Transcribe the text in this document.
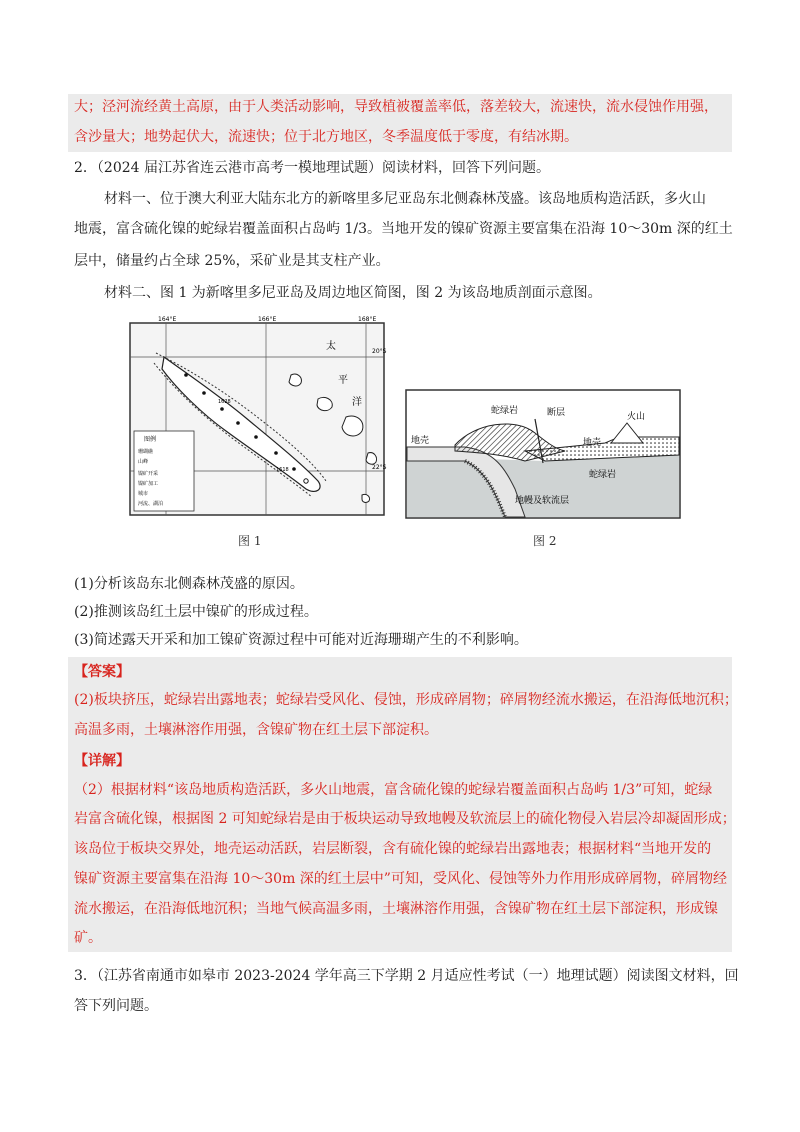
大；泾河流经黄土高原，由于人类活动影响，导致植被覆盖率低，落差较大，流速快，流水侵蚀作用强，
含沙量大；地势起伏大，流速快；位于北方地区，冬季温度低于零度，有结冰期。
2．（2024 届江苏省连云港市高考一模地理试题）阅读材料，回答下列问题。
材料一、位于澳大利亚大陆东北方的新喀里多尼亚岛东北侧森林茂盛。该岛地质构造活跃，多火山
地震，富含硫化镍的蛇绿岩覆盖面积占岛屿 1/3。当地开发的镍矿资源主要富集在沿海 10～30m 深的红土
层中，储量约占全球 25%，采矿业是其支柱产业。
材料二、图 1 为新喀里多尼亚岛及周边地区简图，图 2 为该岛地质剖面示意图。
164°E	166°E	168°E
20°S
22°S
1628
1618
太
平
洋
图例
珊瑚礁
山峰
镍矿开采
镍矿加工
城市
河流、湖泊
图 1
蛇绿岩	断层	火山
地壳	地壳
蛇绿岩
地幔及软流层
图 2
(1)分析该岛东北侧森林茂盛的原因。
(2)推测该岛红土层中镍矿的形成过程。
(3)简述露天开采和加工镍矿资源过程中可能对近海珊瑚产生的不利影响。
【答案】
(2)板块挤压，蛇绿岩出露地表；蛇绿岩受风化、侵蚀，形成碎屑物；碎屑物经流水搬运，在沿海低地沉积；
高温多雨，土壤淋溶作用强，含镍矿物在红土层下部淀积。
【详解】
（2）根据材料“该岛地质构造活跃，多火山地震，富含硫化镍的蛇绿岩覆盖面积占岛屿 1/3”可知，蛇绿
岩富含硫化镍，根据图 2 可知蛇绿岩是由于板块运动导致地幔及软流层上的硫化物侵入岩层冷却凝固形成；
该岛位于板块交界处，地壳运动活跃，岩层断裂，含有硫化镍的蛇绿岩出露地表；根据材料“当地开发的
镍矿资源主要富集在沿海 10～30m 深的红土层中”可知，受风化、侵蚀等外力作用形成碎屑物，碎屑物经
流水搬运，在沿海低地沉积；当地气候高温多雨，土壤淋溶作用强，含镍矿物在红土层下部淀积，形成镍
矿。
3．（江苏省南通市如皋市 2023-2024 学年高三下学期 2 月适应性考试（一）地理试题）阅读图文材料，回
答下列问题。
